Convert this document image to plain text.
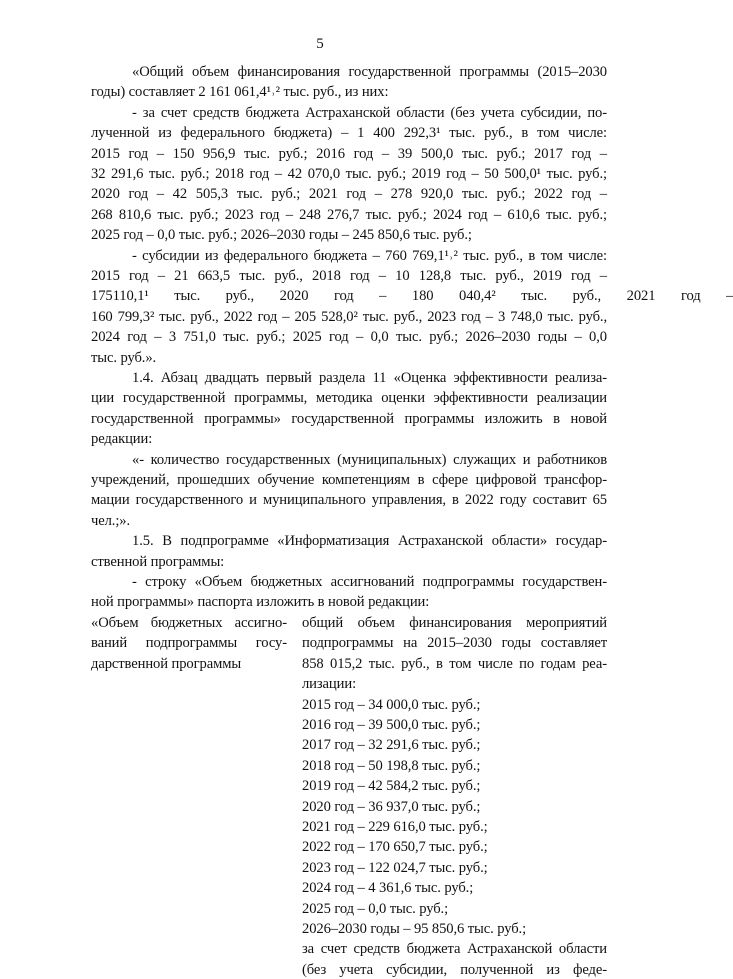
5
«Общий объем финансирования государственной программы (2015–2030
годы) составляет 2 161 061,4¹˒² тыс. руб., из них:
- за счет средств бюджета Астраханской области (без учета субсидии, по-
лученной из федерального бюджета) – 1 400 292,3¹ тыс. руб., в том числе:
2015 год – 150 956,9 тыс. руб.; 2016 год – 39 500,0 тыс. руб.; 2017 год –
32 291,6 тыс. руб.; 2018 год – 42 070,0 тыс. руб.; 2019 год – 50 500,0¹ тыс. руб.;
2020 год – 42 505,3 тыс. руб.; 2021 год – 278 920,0 тыс. руб.; 2022 год –
268 810,6 тыс. руб.; 2023 год – 248 276,7 тыс. руб.; 2024 год – 610,6 тыс. руб.;
2025 год – 0,0 тыс. руб.; 2026–2030 годы – 245 850,6 тыс. руб.;
- субсидии из федерального бюджета – 760 769,1¹˒² тыс. руб., в том числе:
2015 год – 21 663,5 тыс. руб., 2018 год – 10 128,8 тыс. руб., 2019 год –
175110,1¹ тыс. руб., 2020 год – 180 040,4² тыс. руб., 2021 год –
160 799,3² тыс. руб., 2022 год – 205 528,0² тыс. руб., 2023 год – 3 748,0 тыс. руб.,
2024 год – 3 751,0 тыс. руб.; 2025 год – 0,0 тыс. руб.; 2026–2030 годы – 0,0
тыс. руб.».
1.4. Абзац двадцать первый раздела 11 «Оценка эффективности реализа-
ции государственной программы, методика оценки эффективности реализации
государственной программы» государственной программы изложить в новой
редакции:
«- количество государственных (муниципальных) служащих и работников
учреждений, прошедших обучение компетенциям в сфере цифровой трансфор-
мации государственного и муниципального управления, в 2022 году составит 65
чел.;».
1.5. В подпрограмме «Информатизация Астраханской области» государ-
ственной программы:
- строку «Объем бюджетных ассигнований подпрограммы государствен-
ной программы» паспорта изложить в новой редакции:
«Объем бюджетных ассигно-
ваний подпрограммы госу-
дарственной программы
общий объем финансирования мероприятий
подпрограммы на 2015–2030 годы составляет
858 015,2 тыс. руб., в том числе по годам реа-
лизации:
2015 год – 34 000,0 тыс. руб.;
2016 год – 39 500,0 тыс. руб.;
2017 год – 32 291,6 тыс. руб.;
2018 год – 50 198,8 тыс. руб.;
2019 год – 42 584,2 тыс. руб.;
2020 год – 36 937,0 тыс. руб.;
2021 год – 229 616,0 тыс. руб.;
2022 год – 170 650,7 тыс. руб.;
2023 год – 122 024,7 тыс. руб.;
2024 год – 4 361,6 тыс. руб.;
2025 год – 0,0 тыс. руб.;
2026–2030 годы – 95 850,6 тыс. руб.;
за счет средств бюджета Астраханской области
(без учета субсидии, полученной из феде-
